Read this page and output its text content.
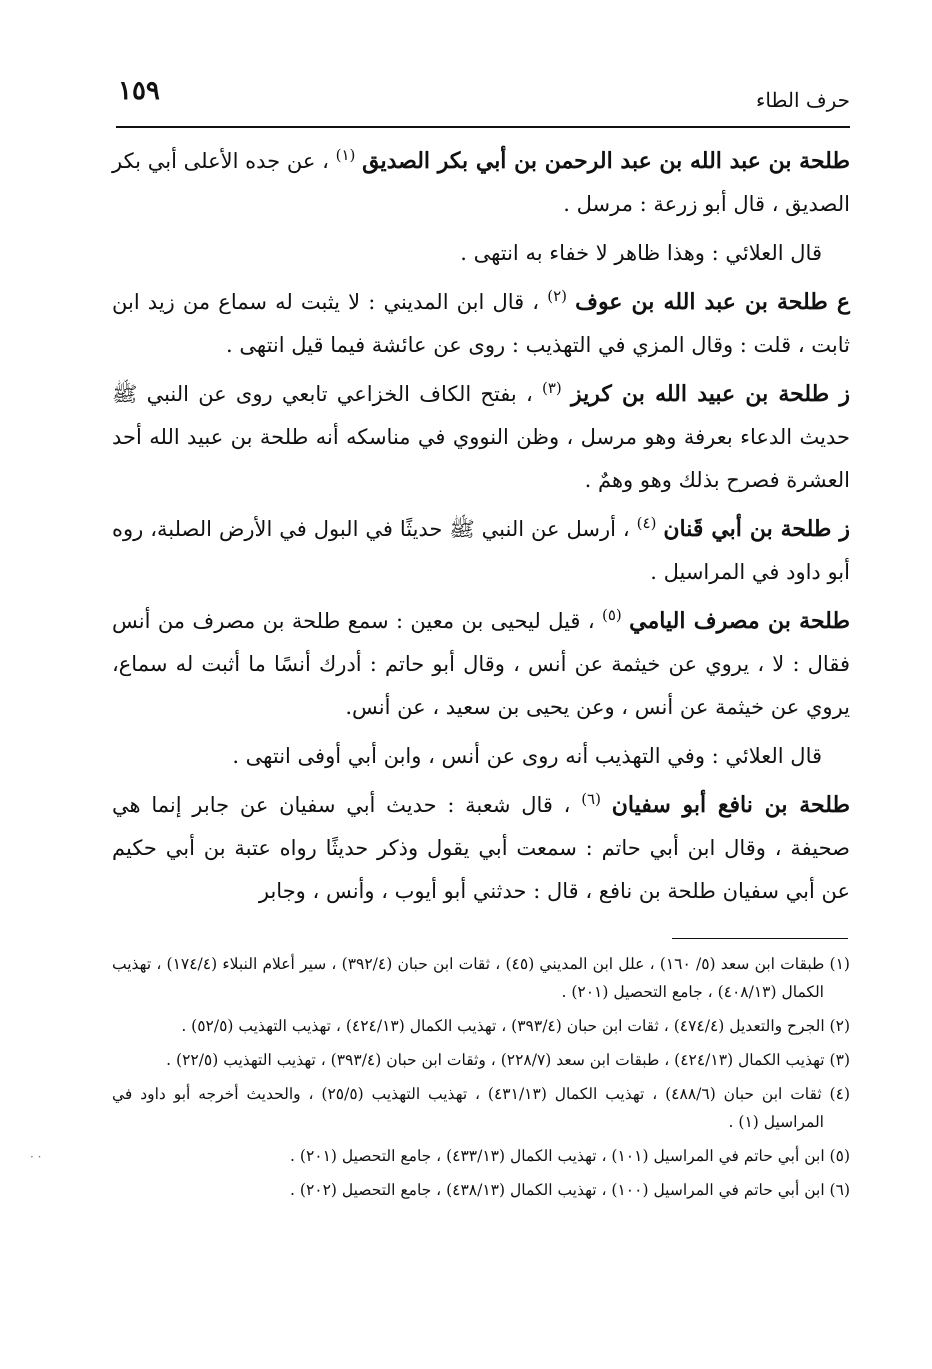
حرف الطاء
١٥٩

طلحة بن عبد الله بن عبد الرحمن بن أبي بكر الصديق $^{(١)}$ ، عن جده الأعلى أبي بكر الصديق ، قال أبو زرعة : مرسل .

قال العلائي : وهذا ظاهر لا خفاء به انتهى .

ع طلحة بن عبد الله بن عوف $^{(٢)}$ ، قال ابن المديني : لا يثبت له سماع من زيد ابن ثابت ، قلت : وقال المزي في التهذيب : روى عن عائشة فيما قيل انتهى .

ز طلحة بن عبيد الله بن كريز $^{(٣)}$ ، بفتح الكاف الخزاعي تابعي روى عن النبي ﷺ حديث الدعاء بعرفة وهو مرسل ، وظن النووي في مناسكه أنه طلحة بن عبيد الله أحد العشرة فصرح بذلك وهو وهمٌ .

ز طلحة بن أبي قَنان $^{(٤)}$ ، أرسل عن النبي ﷺ حديثًا في البول في الأرض الصلبة، روه أبو داود في المراسيل .

طلحة بن مصرف اليامي $^{(٥)}$ ، قيل ليحيى بن معين : سمع طلحة بن مصرف من أنس فقال : لا ، يروي عن خيثمة عن أنس ، وقال أبو حاتم : أدرك أنسًا ما أثبت له سماع، يروي عن خيثمة عن أنس ، وعن يحيى بن سعيد ، عن أنس.

قال العلائي : وفي التهذيب أنه روى عن أنس ، وابن أبي أوفى انتهى .

طلحة بن نافع أبو سفيان $^{(٦)}$ ، قال شعبة : حديث أبي سفيان عن جابر إنما هي صحيفة ، وقال ابن أبي حاتم : سمعت أبي يقول وذكر حديثًا رواه عتبة بن أبي حكيم عن أبي سفيان طلحة بن نافع ، قال : حدثني أبو أيوب ، وأنس ، وجابر

(١) طبقات ابن سعد (٥/ ١٦٠) ، علل ابن المديني (٤٥) ، ثقات ابن حبان (٣٩٢/٤) ، سير أعلام النبلاء (١٧٤/٤) ، تهذيب الكمال (٤٠٨/١٣) ، جامع التحصيل (٢٠١) .

(٢) الجرح والتعديل (٤٧٤/٤) ، ثقات ابن حبان (٣٩٣/٤) ، تهذيب الكمال (٤٢٤/١٣) ، تهذيب التهذيب (٥٢/٥) .

(٣) تهذيب الكمال (٤٢٤/١٣) ، طبقات ابن سعد (٢٢٨/٧) ، وثقات ابن حبان (٣٩٣/٤) ، تهذيب التهذيب (٢٢/٥) .

(٤) ثقات ابن حبان (٤٨٨/٦) ، تهذيب الكمال (٤٣١/١٣) ، تهذيب التهذيب (٢٥/٥) ، والحديث أخرجه أبو داود في المراسيل (١) .

(٥) ابن أبي حاتم في المراسيل (١٠١) ، تهذيب الكمال (٤٣٣/١٣) ، جامع التحصيل (٢٠١) .

(٦) ابن أبي حاتم في المراسيل (١٠٠) ، تهذيب الكمال (٤٣٨/١٣) ، جامع التحصيل (٢٠٢) .

· ·
